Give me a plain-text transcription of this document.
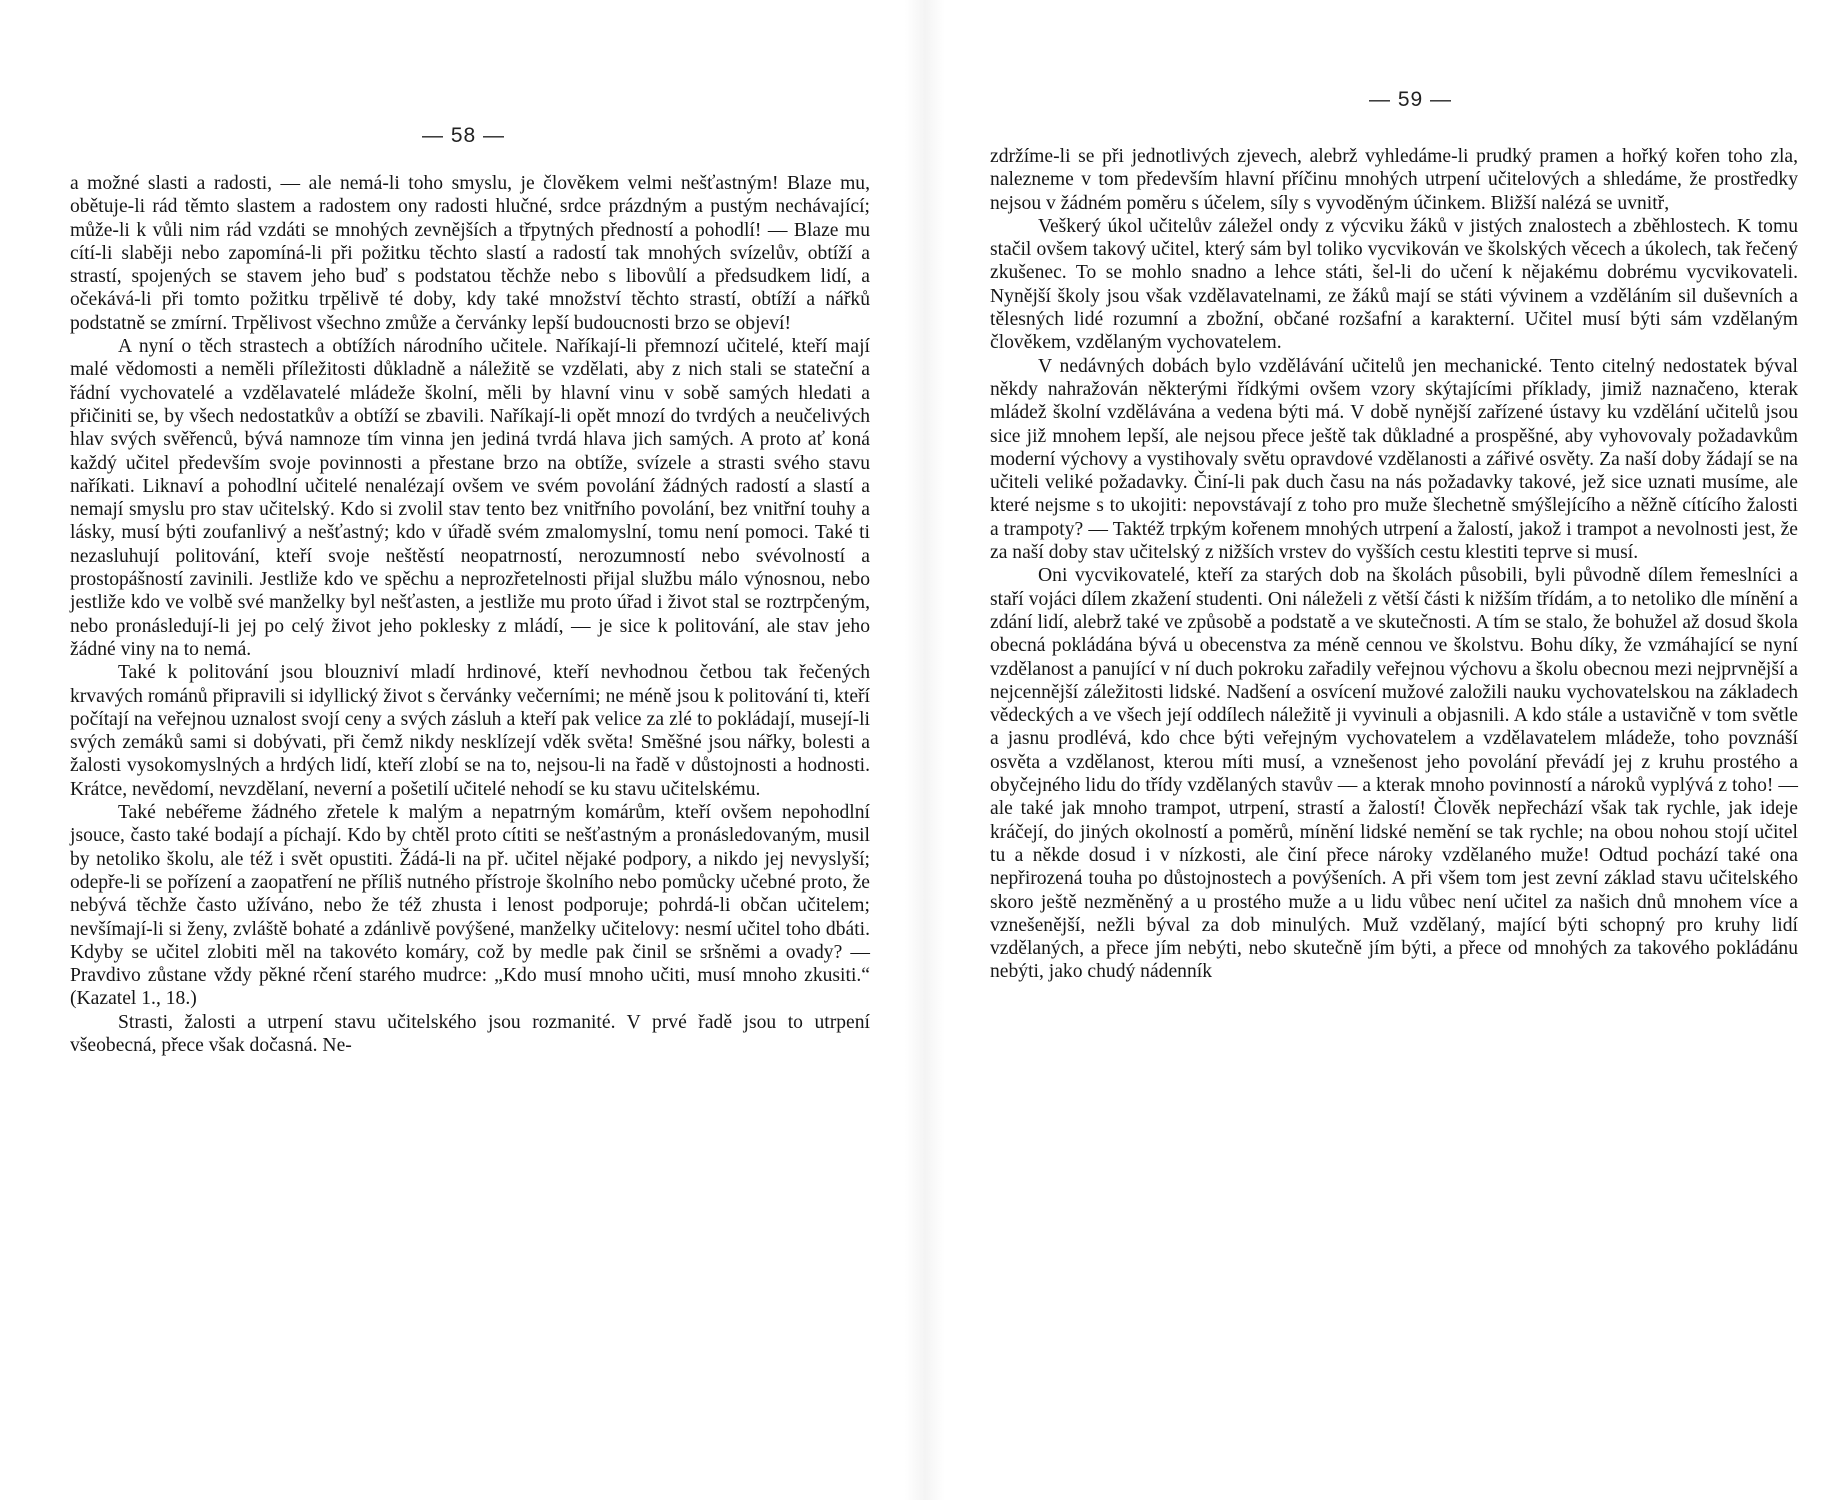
— 58 —

a možné slasti a radosti, — ale nemá-li toho smyslu, je člověkem velmi nešťastným! Blaze mu, obětuje-li rád těmto slastem a radostem ony radosti hlučné, srdce prázdným a pustým nechávající; může-li k vůli nim rád vzdáti se mnohých zevnějších a třpytných předností a pohodlí! — Blaze mu cítí-li slaběji nebo zapomíná-li při požitku těchto slastí a radostí tak mnohých svízelův, obtíží a strastí, spojených se stavem jeho buď s podstatou těchže nebo s libovůlí a předsudkem lidí, a očekává-li při tomto požitku trpělivě té doby, kdy také množství těchto strastí, obtíží a nářků podstatně se zmírní. Trpělivost všechno zmůže a červánky lepší budoucnosti brzo se objeví!

A nyní o těch strastech a obtížích národního učitele. Naříkají-li přemnozí učitelé, kteří mají malé vědomosti a neměli příležitosti důkladně a náležitě se vzdělati, aby z nich stali se stateční a řádní vychovatelé a vzdělavatelé mládeže školní, měli by hlavní vinu v sobě samých hledati a přičiniti se, by všech nedostatkův a obtíží se zbavili. Naříkají-li opět mnozí do tvrdých a neučelivých hlav svých svěřenců, bývá namnoze tím vinna jen jediná tvrdá hlava jich samých. A proto ať koná každý učitel především svoje povinnosti a přestane brzo na obtíže, svízele a strasti svého stavu naříkati. Liknaví a pohodlní učitelé nenalézají ovšem ve svém povolání žádných radostí a slastí a nemají smyslu pro stav učitelský. Kdo si zvolil stav tento bez vnitřního povolání, bez vnitřní touhy a lásky, musí býti zoufanlivý a nešťastný; kdo v úřadě svém zmalomyslní, tomu není pomoci. Také ti nezasluhují politování, kteří svoje neštěstí neopatrností, nerozumností nebo svévolností a prostopášností zavinili. Jestliže kdo ve spěchu a neprozřetelnosti přijal službu málo výnosnou, nebo jestliže kdo ve volbě své manželky byl nešťasten, a jestliže mu proto úřad i život stal se roztrpčeným, nebo pronásledují-li jej po celý život jeho pokleskу z mládí, — je sice k politování, ale stav jeho žádné viny na to nemá.

Také k politování jsou blouzniví mladí hrdinové, kteří nevhodnou četbou tak řečených krvavých románů připravili si idyllický život s červánky večerními; ne méně jsou k politování ti, kteří počítají na veřejnou uznalost svojí ceny a svých zásluh a kteří pak velice za zlé to pokládají, musejí-li svých zemáků sami si dobývati, při čemž nikdy nesklízejí vděk světa! Směšné jsou nářky, bolesti a žalosti vysokomyslných a hrdých lidí, kteří zlobí se na to, nejsou-li na řadě v důstojnosti a hodnosti. Krátce, nevědomí, nevzdělaní, neverní a pošetilí učitelé nehodí se ku stavu učitelskému.

Také nebéřeme žádného zřetele k malým a nepatrným komárům, kteří ovšem nepohodlní jsouce, často také bodají a píchají. Kdo by chtěl proto cítiti se nešťastným a pronásledovaným, musil by netoliko školu, ale též i svět opustiti. Žádá-li na př. učitel nějaké podpory, a nikdo jej nevyslyší; odepře-li se pořízení a zaopatření ne příliš nutného přístroje školního nebo pomůcky učebné proto, že nebývá těchže často užíváno, nebo že též zhusta i lenost podporuje; pohrdá-li občan učitelem; nevšímají-li si ženy, zvláště bohaté a zdánlivě povýšené, manželky učitelovy: nesmí učitel toho dbáti. Kdyby se učitel zlobiti měl na takovéto komáry, což by medle pak činil se sršněmi a ovady? — Pravdivo zůstane vždy pěkné rčení starého mudrce: „Kdo musí mnoho učiti, musí mnoho zkusiti.“ (Kazatel 1., 18.)

Strasti, žalosti a utrpení stavu učitelského jsou rozmanité. V prvé řadě jsou to utrpení všeobecná, přece však dočasná. Ne-

— 59 —

zdržíme-li se při jednotlivých zjevech, alebrž vyhledáme-li prudký pramen a hořký kořen toho zla, nalezneme v tom především hlavní příčinu mnohých utrpení učitelových a shledáme, že prostředky nejsou v žádném poměru s účelem, síly s vyvoděným účinkem. Bližší nalézá se uvnitř,

Veškerý úkol učitelův záležel ondy z výcviku žáků v jistých znalostech a zběhlostech. K tomu stačil ovšem takový učitel, který sám byl toliko vycvikován ve školských věcech a úkolech, tak řečený zkušenec. To se mohlo snadno a lehce státi, šel-li do učení k nějakému dobrému vycvikovateli. Nynější školy jsou však vzdělavatelnami, ze žáků mají se státi vývinem a vzděláním sil duševních a tělesných lidé rozumní a zbožní, občané rozšafní a karakterní. Učitel musí býti sám vzdělaným člověkem, vzdělaným vychovatelem.

V nedávných dobách bylo vzdělávání učitelů jen mechanické. Tento citelný nedostatek býval někdy nahražován některými řídkými ovšem vzory skýtajícími příklady, jimiž naznačeno, kterak mládež školní vzdělávána a vedena býti má. V době nynější zařízené ústavy ku vzdělání učitelů jsou sice již mnohem lepší, ale nejsou přece ještě tak důkladné a prospěšné, aby vyhovovaly požadavkům moderní výchovy a vystihovaly světu opravdové vzdělanosti a zářivé osvěty. Za naší doby žádají se na učiteli veliké požadavky. Činí-li pak duch času na nás požadavky takové, jež sice uznati musíme, ale které nejsme s to ukojiti: nepovstávají z toho pro muže šlechetně smýšlejícího a něžně cítícího žalosti a trampoty? — Taktéž trpkým kořenem mnohých utrpení a žalostí, jakož i trampot a nevolnosti jest, že za naší doby stav učitelský z nižších vrstev do vyšších cestu klestiti teprve si musí.

Oni vycvikovatelé, kteří za starých dob na školách působili, byli původně dílem řemeslníci a staří vojáci dílem zkažení studenti. Oni náleželi z větší části k nižším třídám, a to netoliko dle mínění a zdání lidí, alebrž také ve způsobě a podstatě a ve skutečnosti. A tím se stalo, že bohužel až dosud škola obecná pokládána bývá u obecenstva za méně cennou ve školstvu. Bohu díky, že vzmáhající se nyní vzdělanost a panující v ní duch pokroku zařadily veřejnou výchovu a školu obecnou mezi nejprvnější a nejcennější záležitosti lidské. Nadšení a osvícení mužové založili nauku vychovatelskou na základech vědeckých a ve všech její oddílech náležitě ji vyvinuli a objasnili. A kdo stále a ustavičně v tom světle a jasnu prodlévá, kdo chce býti veřejným vychovatelem a vzdělavatelem mládeže, toho povznáší osvěta a vzdělanost, kterou míti musí, a vznešenost jeho povolání převádí jej z kruhu prostého a obyčejného lidu do třídy vzdělaných stavův — a kterak mnoho povinností a nároků vyplývá z toho! — ale také jak mnoho trampot, utrpení, strastí a žalostí! Člověk nepřechází však tak rychle, jak ideje kráčejí, do jiných okolností a poměrů, mínění lidské nemění se tak rychle; na obou nohou stojí učitel tu a někde dosud i v nízkosti, ale činí přece nároky vzdělaného muže! Odtud pochází také ona nepřirozená touha po důstojnostech a povýšeních. A při všem tom jest zevní základ stavu učitelského skoro ještě nezměněný a u prostého muže a u lidu vůbec není učitel za našich dnů mnohem více a vznešenější, nežli býval za dob minulých. Muž vzdělaný, mající býti schopný pro kruhy lidí vzdělaných, a přece jím nebýti, nebo skutečně jím býti, a přece od mnohých za takového pokládánu nebýti, jako chudý nádenník
